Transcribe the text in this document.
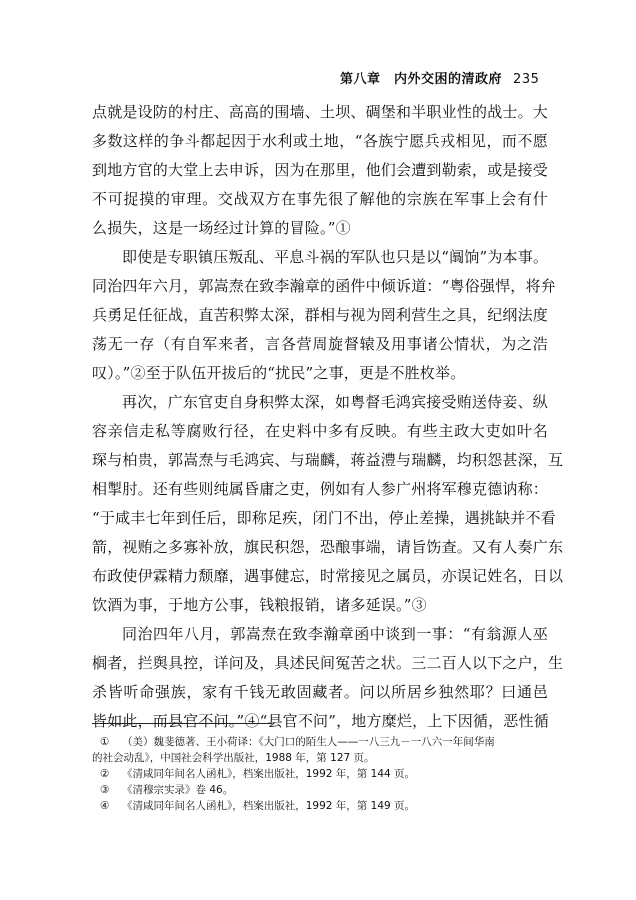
第八章　内外交困的清政府 235
点就是设防的村庄、高高的围墙、土坝、碉堡和半职业性的战士。大
多数这样的争斗都起因于水利或土地，“各族宁愿兵戎相见，而不愿
到地方官的大堂上去申诉，因为在那里，他们会遭到勒索，或是接受
不可捉摸的审理。交战双方在事先很了解他的宗族在军事上会有什
么损失，这是一场经过计算的冒险。”①
即使是专职镇压叛乱、平息斗祸的军队也只是以“阘饷”为本事。
同治四年六月，郭嵩焘在致李瀚章的函件中倾诉道：“粤俗强悍，将弁
兵勇足任征战，直苦积弊太深，群相与视为罔利营生之具，纪纲法度
荡无一存（有自军来者，言各营周旋督辕及用事诸公情状，为之浩
叹）。”②至于队伍开拔后的“扰民”之事，更是不胜枚举。
再次，广东官吏自身积弊太深，如粤督毛鸿宾接受贿送侍妾、纵
容亲信走私等腐败行径，在史料中多有反映。有些主政大吏如叶名
琛与柏贵，郭嵩焘与毛鸿宾、与瑞麟，蒋益澧与瑞麟，均积怨甚深，互
相掣肘。还有些则纯属昏庸之吏，例如有人参广州将军穆克德讷称：
“于咸丰七年到任后，即称足疾，闭门不出，停止差操，遇挑缺并不看
箭，视贿之多寡补放，旗民积怨，恐酿事端，请旨饬查。又有人奏广东
布政使伊霖精力颓靡，遇事健忘，时常接见之属员，亦误记姓名，日以
饮酒为事，于地方公事，钱粮报销，诸多延误。”③
同治四年八月，郭嵩焘在致李瀚章函中谈到一事：“有翁源人巫
榈者，拦舆具控，详问及，具述民间冤苦之状。三二百人以下之户，生
杀皆听命强族，家有千钱无敢固藏者。问以所居乡独然耶？曰通邑
皆如此，而县官不问。”④“县官不问”，地方糜烂，上下因循，恶性循
① （美）魏斐德著、王小荷译：《大门口的陌生人——一八三九－一八六一年间华南
的社会动乱》，中国社会科学出版社，1988 年，第 127 页。
② 《清咸同年间名人函札》，档案出版社，1992 年，第 144 页。
③ 《清穆宗实录》卷 46。
④ 《清咸同年间名人函札》，档案出版社，1992 年，第 149 页。
